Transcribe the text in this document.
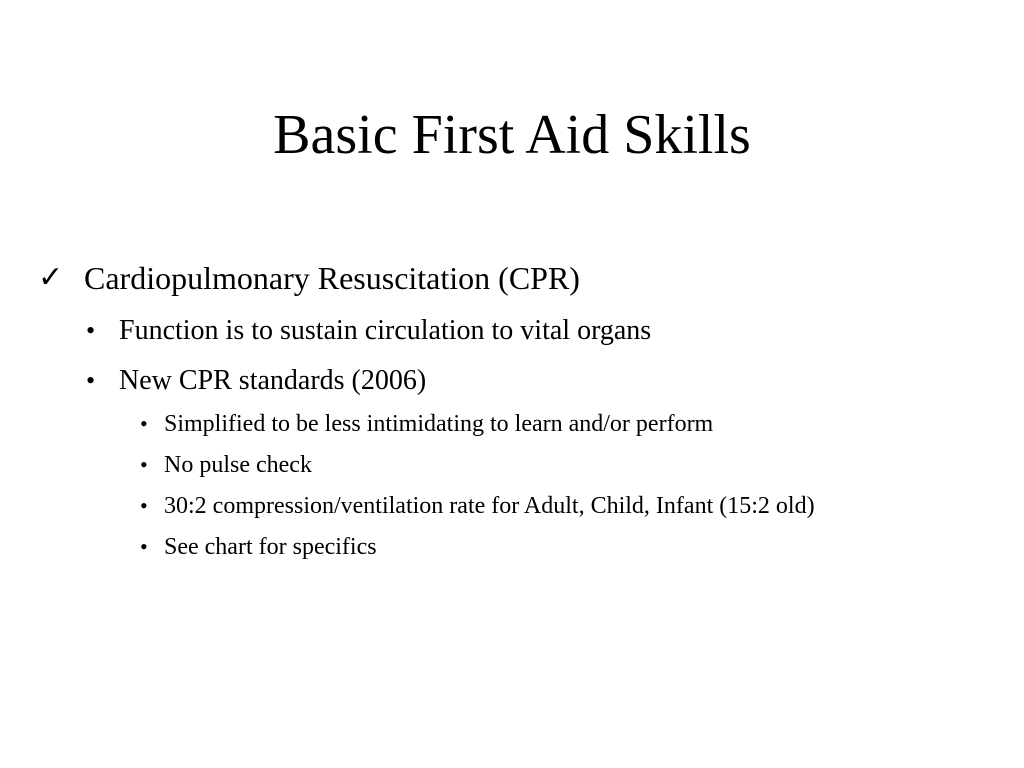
Basic First Aid Skills
✓ Cardiopulmonary Resuscitation (CPR)
• Function is to sustain circulation to vital organs
• New CPR standards (2006)
• Simplified to be less intimidating to learn and/or perform
• No pulse check
• 30:2 compression/ventilation rate for Adult, Child, Infant (15:2 old)
• See chart for specifics
